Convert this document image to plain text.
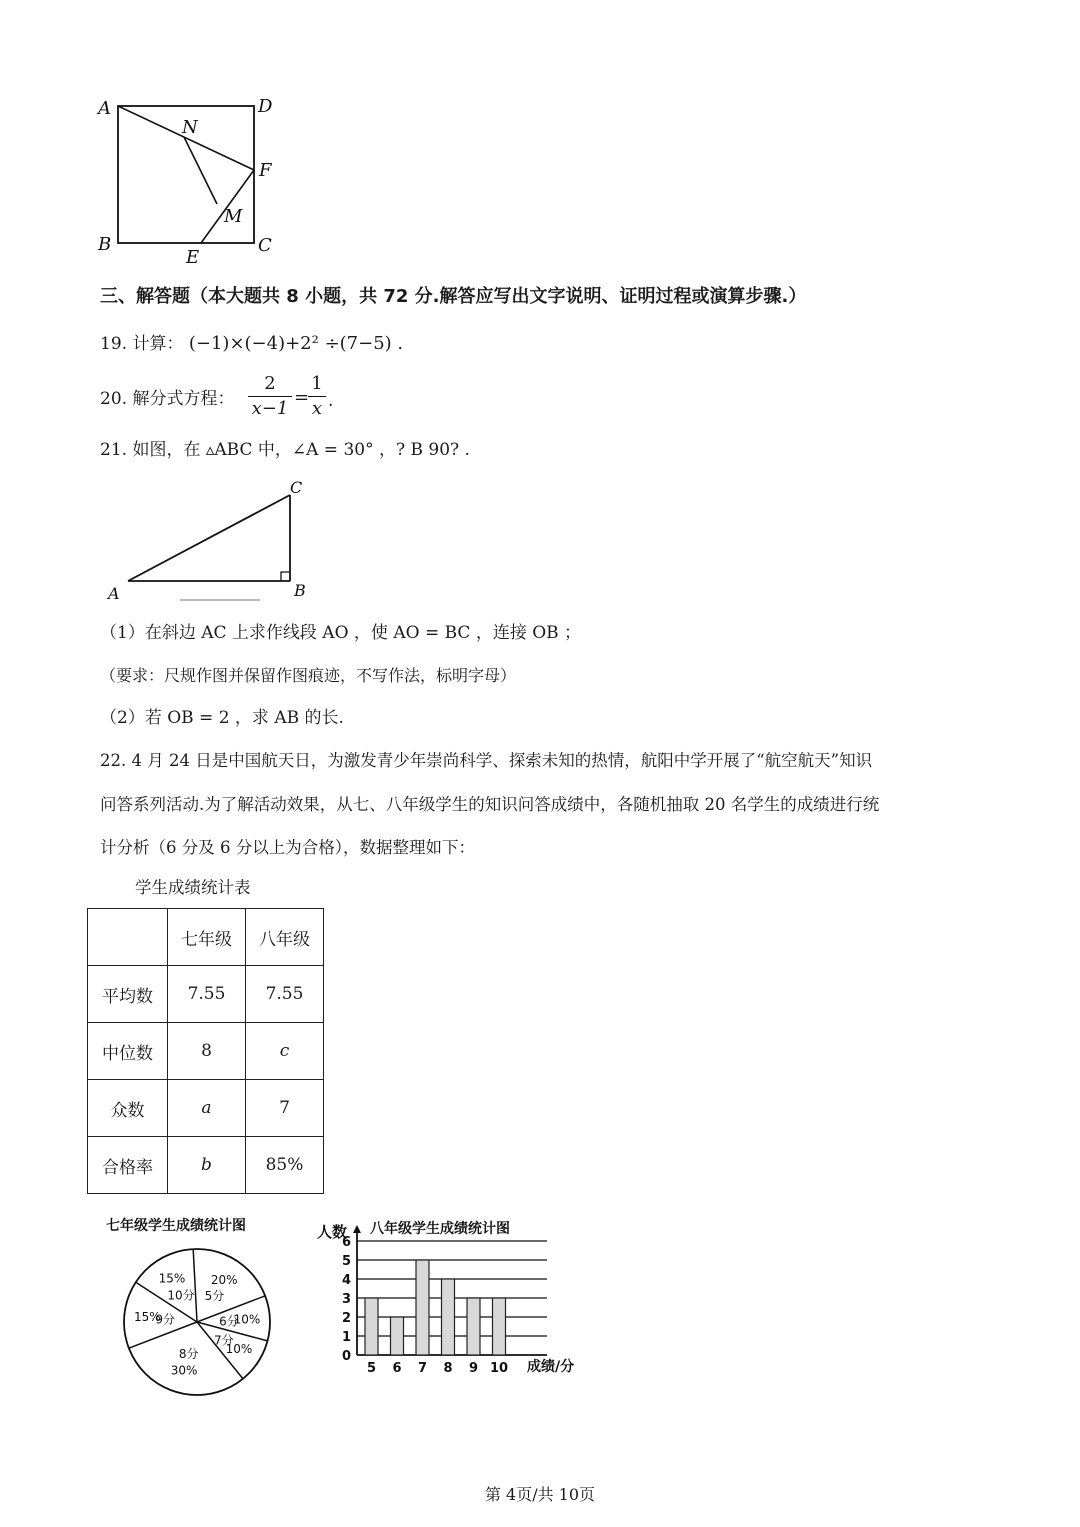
A	D
N
F
M
B
E
C
三、解答题（本大题共 8 小题，共 72 分.解答应写出文字说明、证明过程或演算步骤.）
19. 计算： (−1)×(−4)+2² ÷(7−5) .
20. 解分式方程：
2
x−1
=
1
x .
21. 如图，在 ▵ABC 中，∠A = 30° ，? B 90? .
A	B
C
（1）在斜边 AC 上求作线段 AO ，使 AO = BC ，连接 OB ；
（要求：尺规作图并保留作图痕迹，不写作法，标明字母）
（2）若 OB = 2 ，求 AB 的长.
22. 4 月 24 日是中国航天日，为激发青少年崇尚科学、探索未知的热情，航阳中学开展了“航空航天”知识
问答系列活动.为了解活动效果，从七、八年级学生的知识问答成绩中，各随机抽取 20 名学生的成绩进行统
计分析（6 分及 6 分以上为合格），数据整理如下：
学生成绩统计表
	七年级	八年级
平均数	7.55	7.55
中位数	8	c
众数	a	7
合格率	b	85%
七年级学生成绩统计图
5分
20%
6分
10%
7分
10%
8分
30%
9分
15%
10分
15%
人数 八年级学生成绩统计图
成绩/分
0
1
2
3
4
5
6
5 6 7 8 9 10
第 4页/共 10页
